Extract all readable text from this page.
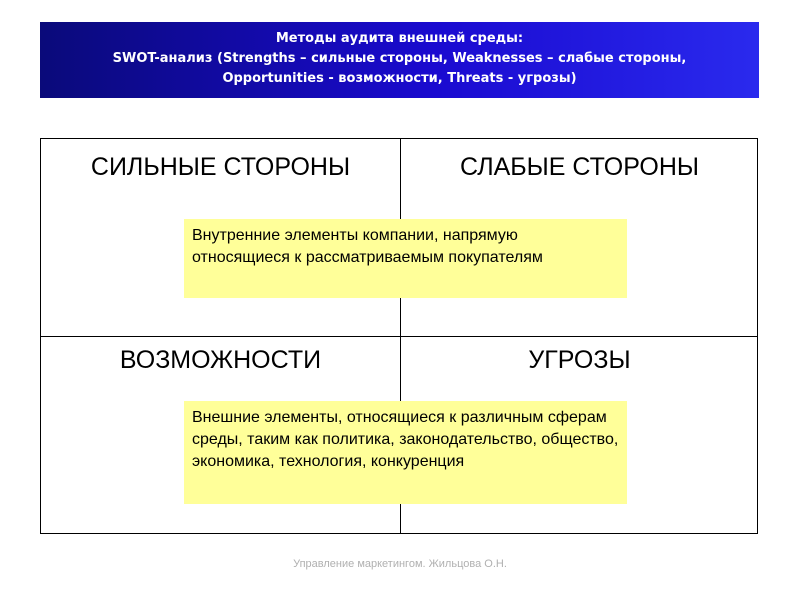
Методы аудита внешней среды:
SWOT-анализ (Strengths – сильные стороны, Weaknesses – слабые стороны,
Opportunities - возможности, Threats - угрозы)
СИЛЬНЫЕ СТОРОНЫ	СЛАБЫЕ СТОРОНЫ
ВОЗМОЖНОСТИ	УГРОЗЫ
Внутренние элементы компании, напрямую относящиеся к рассматриваемым покупателям
Внешние элементы, относящиеся к различным сферам среды, таким как политика, законодательство, общество, экономика, технология, конкуренция
Управление маркетингом. Жильцова О.Н.
